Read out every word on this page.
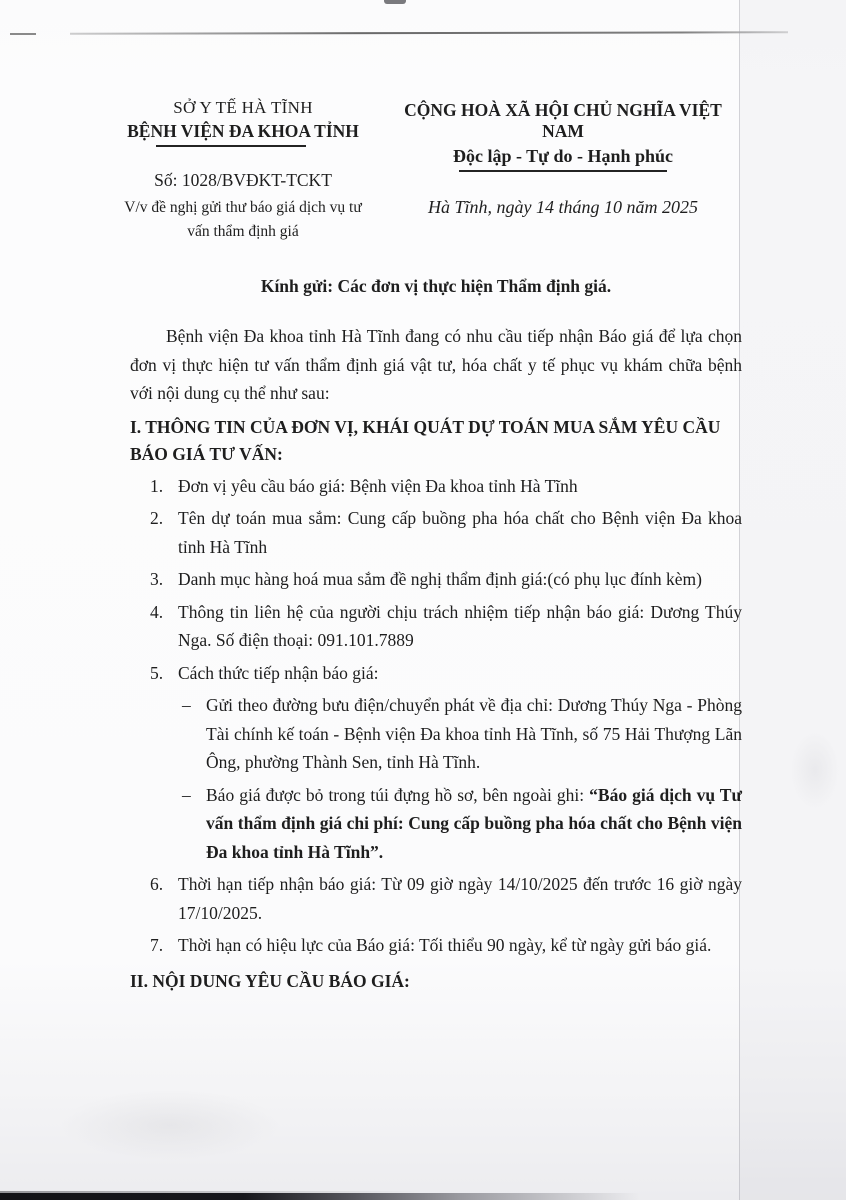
SỞ Y TẾ HÀ TĨNH
BỆNH VIỆN ĐA KHOA TỈNH
Số: 1028/BVĐKT-TCKT
V/v đề nghị gửi thư báo giá dịch vụ tư vấn thẩm định giá
CỘNG HOÀ XÃ HỘI CHỦ NGHĨA VIỆT NAM
Độc lập - Tự do - Hạnh phúc
Hà Tĩnh, ngày 14 tháng 10 năm 2025
Kính gửi: Các đơn vị thực hiện Thẩm định giá.
Bệnh viện Đa khoa tỉnh Hà Tĩnh đang có nhu cầu tiếp nhận Báo giá để lựa chọn đơn vị thực hiện tư vấn thẩm định giá vật tư, hóa chất y tế phục vụ khám chữa bệnh với nội dung cụ thể như sau:
I. THÔNG TIN CỦA ĐƠN VỊ, KHÁI QUÁT DỰ TOÁN MUA SẮM YÊU CẦU BÁO GIÁ TƯ VẤN:
1. Đơn vị yêu cầu báo giá: Bệnh viện Đa khoa tỉnh Hà Tĩnh
2. Tên dự toán mua sắm: Cung cấp buồng pha hóa chất cho Bệnh viện Đa khoa tỉnh Hà Tĩnh
3. Danh mục hàng hoá mua sắm đề nghị thẩm định giá:(có phụ lục đính kèm)
4. Thông tin liên hệ của người chịu trách nhiệm tiếp nhận báo giá: Dương Thúy Nga. Số điện thoại: 091.101.7889
5. Cách thức tiếp nhận báo giá:
– Gửi theo đường bưu điện/chuyển phát về địa chỉ: Dương Thúy Nga - Phòng Tài chính kế toán - Bệnh viện Đa khoa tỉnh Hà Tĩnh, số 75 Hải Thượng Lãn Ông, phường Thành Sen, tỉnh Hà Tĩnh.
– Báo giá được bỏ trong túi đựng hồ sơ, bên ngoài ghi: “Báo giá dịch vụ Tư vấn thẩm định giá chi phí: Cung cấp buồng pha hóa chất cho Bệnh viện Đa khoa tỉnh Hà Tĩnh”.
6. Thời hạn tiếp nhận báo giá: Từ 09 giờ ngày 14/10/2025 đến trước 16 giờ ngày 17/10/2025.
7. Thời hạn có hiệu lực của Báo giá: Tối thiểu 90 ngày, kể từ ngày gửi báo giá.
II. NỘI DUNG YÊU CẦU BÁO GIÁ:
